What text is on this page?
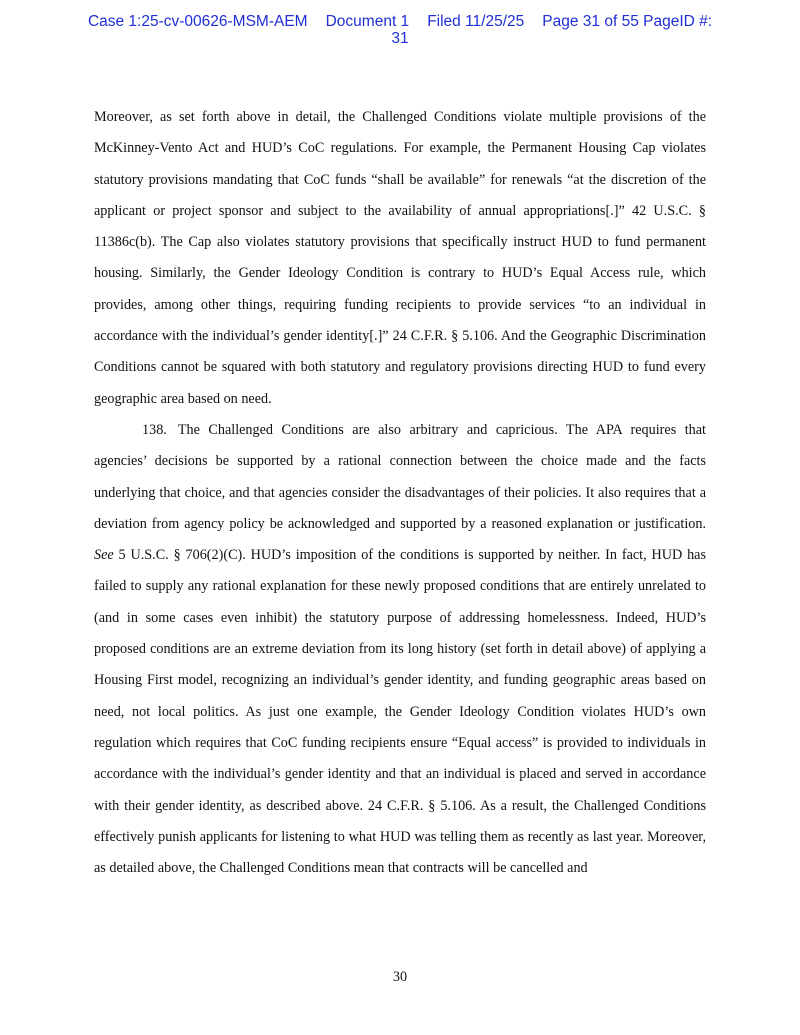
Case 1:25-cv-00626-MSM-AEM Document 1 Filed 11/25/25 Page 31 of 55 PageID #:
31

Moreover, as set forth above in detail, the Challenged Conditions violate multiple provisions of the McKinney-Vento Act and HUD’s CoC regulations. For example, the Permanent Housing Cap violates statutory provisions mandating that CoC funds “shall be available” for renewals “at the discretion of the applicant or project sponsor and subject to the availability of annual appropriations[.]” 42 U.S.C. § 11386c(b). The Cap also violates statutory provisions that specifically instruct HUD to fund permanent housing. Similarly, the Gender Ideology Condition is contrary to HUD’s Equal Access rule, which provides, among other things, requiring funding recipients to provide services “to an individual in accordance with the individual’s gender identity[.]” 24 C.F.R. § 5.106. And the Geographic Discrimination Conditions cannot be squared with both statutory and regulatory provisions directing HUD to fund every geographic area based on need.

138. The Challenged Conditions are also arbitrary and capricious. The APA requires that agencies’ decisions be supported by a rational connection between the choice made and the facts underlying that choice, and that agencies consider the disadvantages of their policies. It also requires that a deviation from agency policy be acknowledged and supported by a reasoned explanation or justification. See 5 U.S.C. § 706(2)(C). HUD’s imposition of the conditions is supported by neither. In fact, HUD has failed to supply any rational explanation for these newly proposed conditions that are entirely unrelated to (and in some cases even inhibit) the statutory purpose of addressing homelessness. Indeed, HUD’s proposed conditions are an extreme deviation from its long history (set forth in detail above) of applying a Housing First model, recognizing an individual’s gender identity, and funding geographic areas based on need, not local politics. As just one example, the Gender Ideology Condition violates HUD’s own regulation which requires that CoC funding recipients ensure “Equal access” is provided to individuals in accordance with the individual’s gender identity and that an individual is placed and served in accordance with their gender identity, as described above. 24 C.F.R. § 5.106. As a result, the Challenged Conditions effectively punish applicants for listening to what HUD was telling them as recently as last year. Moreover, as detailed above, the Challenged Conditions mean that contracts will be cancelled and

30
